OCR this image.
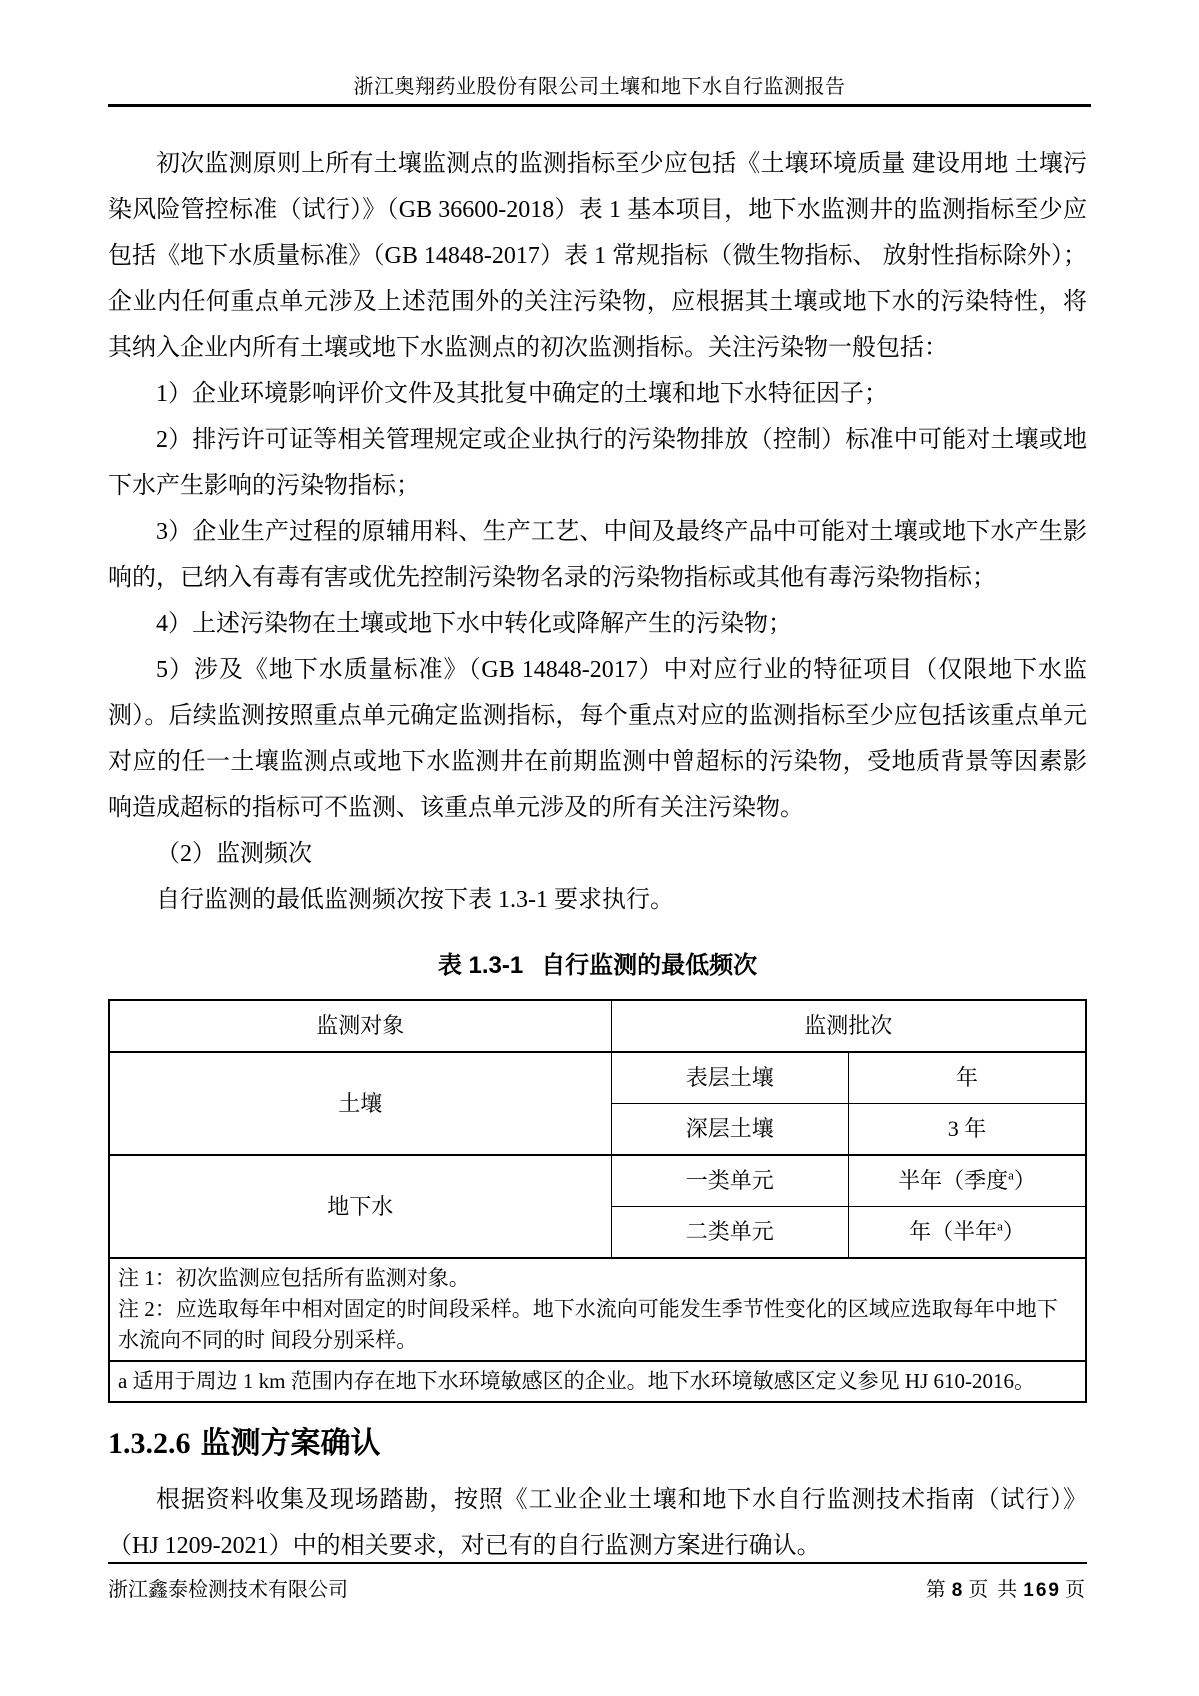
浙江奥翔药业股份有限公司土壤和地下水自行监测报告

初次监测原则上所有土壤监测点的监测指标至少应包括《土壤环境质量 建设用地 土壤污染风险管控标准（试行）》（GB 36600-2018）表 1 基本项目，地下水监测井的监测指标至少应包括《地下水质量标准》（GB 14848-2017）表 1 常规指标（微生物指标、 放射性指标除外）；企业内任何重点单元涉及上述范围外的关注污染物，应根据其土壤或地下水的污染特性，将其纳入企业内所有土壤或地下水监测点的初次监测指标。关注污染物一般包括：

1）企业环境影响评价文件及其批复中确定的土壤和地下水特征因子；

2）排污许可证等相关管理规定或企业执行的污染物排放（控制）标准中可能对土壤或地下水产生影响的污染物指标；

3）企业生产过程的原辅用料、生产工艺、中间及最终产品中可能对土壤或地下水产生影响的，已纳入有毒有害或优先控制污染物名录的污染物指标或其他有毒污染物指标；

4）上述污染物在土壤或地下水中转化或降解产生的污染物；

5）涉及《地下水质量标准》（GB 14848-2017）中对应行业的特征项目（仅限地下水监测）。后续监测按照重点单元确定监测指标，每个重点对应的监测指标至少应包括该重点单元对应的任一土壤监测点或地下水监测井在前期监测中曾超标的污染物，受地质背景等因素影响造成超标的指标可不监测、该重点单元涉及的所有关注污染物。

（2）监测频次

自行监测的最低监测频次按下表 1.3-1 要求执行。

表 1.3-1 自行监测的最低频次
监测对象	监测批次	
土壤	表层土壤	年
	深层土壤	3 年
地下水	一类单元	半年（季度$^a$）
	二类单元	年（半年$^a$）

注 1：初次监测应包括所有监测对象。
注 2：应选取每年中相对固定的时间段采样。地下水流向可能发生季节性变化的区域应选取每年中地下水流向不同的时 间段分别采样。		

a 适用于周边 1 km 范围内存在地下水环境敏感区的企业。地下水环境敏感区定义参见 HJ 610-2016。		
1.3.2.6 监测方案确认

根据资料收集及现场踏勘，按照《工业企业土壤和地下水自行监测技术指南（试行）》（HJ 1209-2021）中的相关要求，对已有的自行监测方案进行确认。

浙江鑫泰检测技术有限公司	第 8 页 共 169 页
